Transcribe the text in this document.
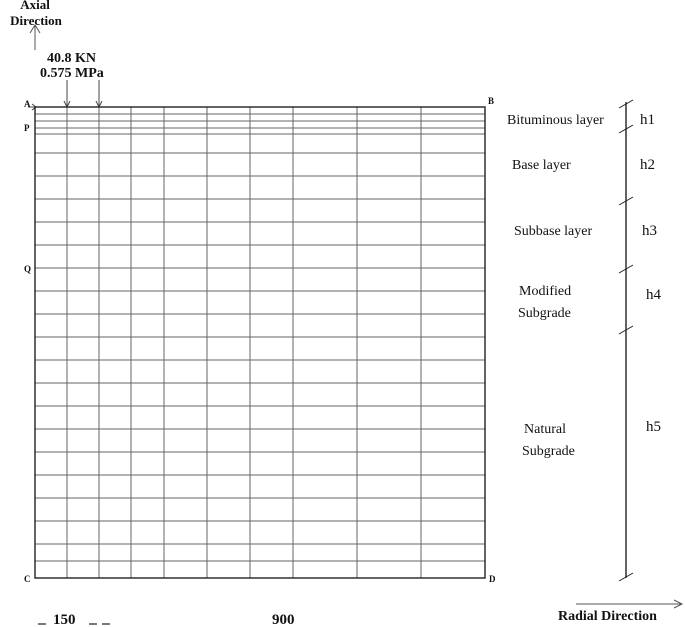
Axial
Direction
40.8 KN
0.575 MPa
A	B
P
Q
C	D
Bituminous layer
Base layer
Subbase layer
Modified
Subgrade
Natural
Subgrade
h1
h2
h3
h4
h5
150	900	Radial Direction
